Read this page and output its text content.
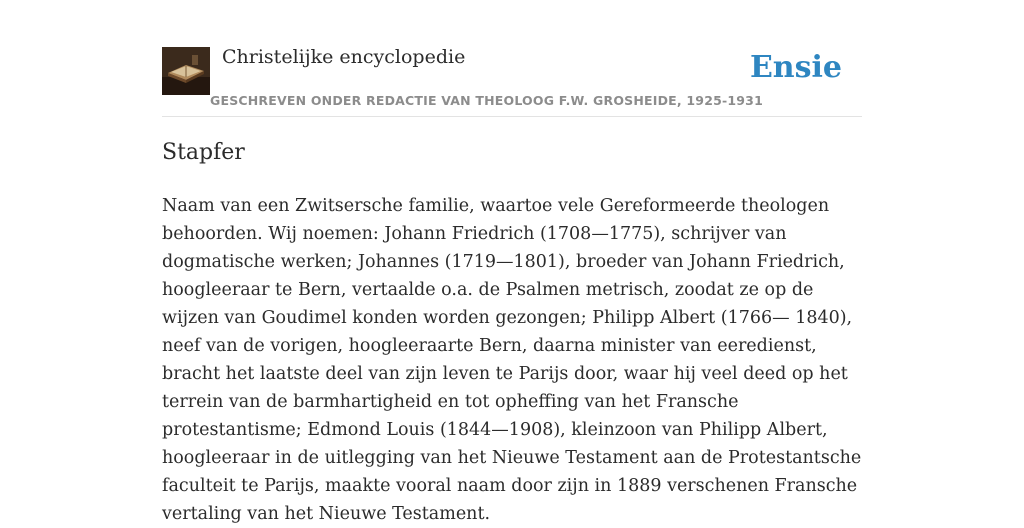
Christelijke encyclopedie
GESCHREVEN ONDER REDACTIE VAN THEOLOOG F.W. GROSHEIDE, 1925-1931
Ensie
Stapfer

Naam van een Zwitsersche familie, waartoe vele Gereformeerde theologen behoorden. Wij noemen: Johann Friedrich (1708—1775), schrijver van dogmatische werken; Johannes (1719—1801), broeder van Johann Friedrich, hoogleeraar te Bern, vertaalde o.a. de Psalmen metrisch, zoodat ze op de wijzen van Goudimel konden worden gezongen; Philipp Albert (1766— 1840), neef van de vorigen, hoogleeraarte Bern, daarna minister van eeredienst, bracht het laatste deel van zijn leven te Parijs door, waar hij veel deed op het terrein van de barmhartigheid en tot opheffing van het Fransche protestantisme; Edmond Louis (1844—1908), kleinzoon van Philipp Albert, hoogleeraar in de uitlegging van het Nieuwe Testament aan de Protestantsche faculteit te Parijs, maakte vooral naam door zijn in 1889 verschenen Fransche vertaling van het Nieuwe Testament.
